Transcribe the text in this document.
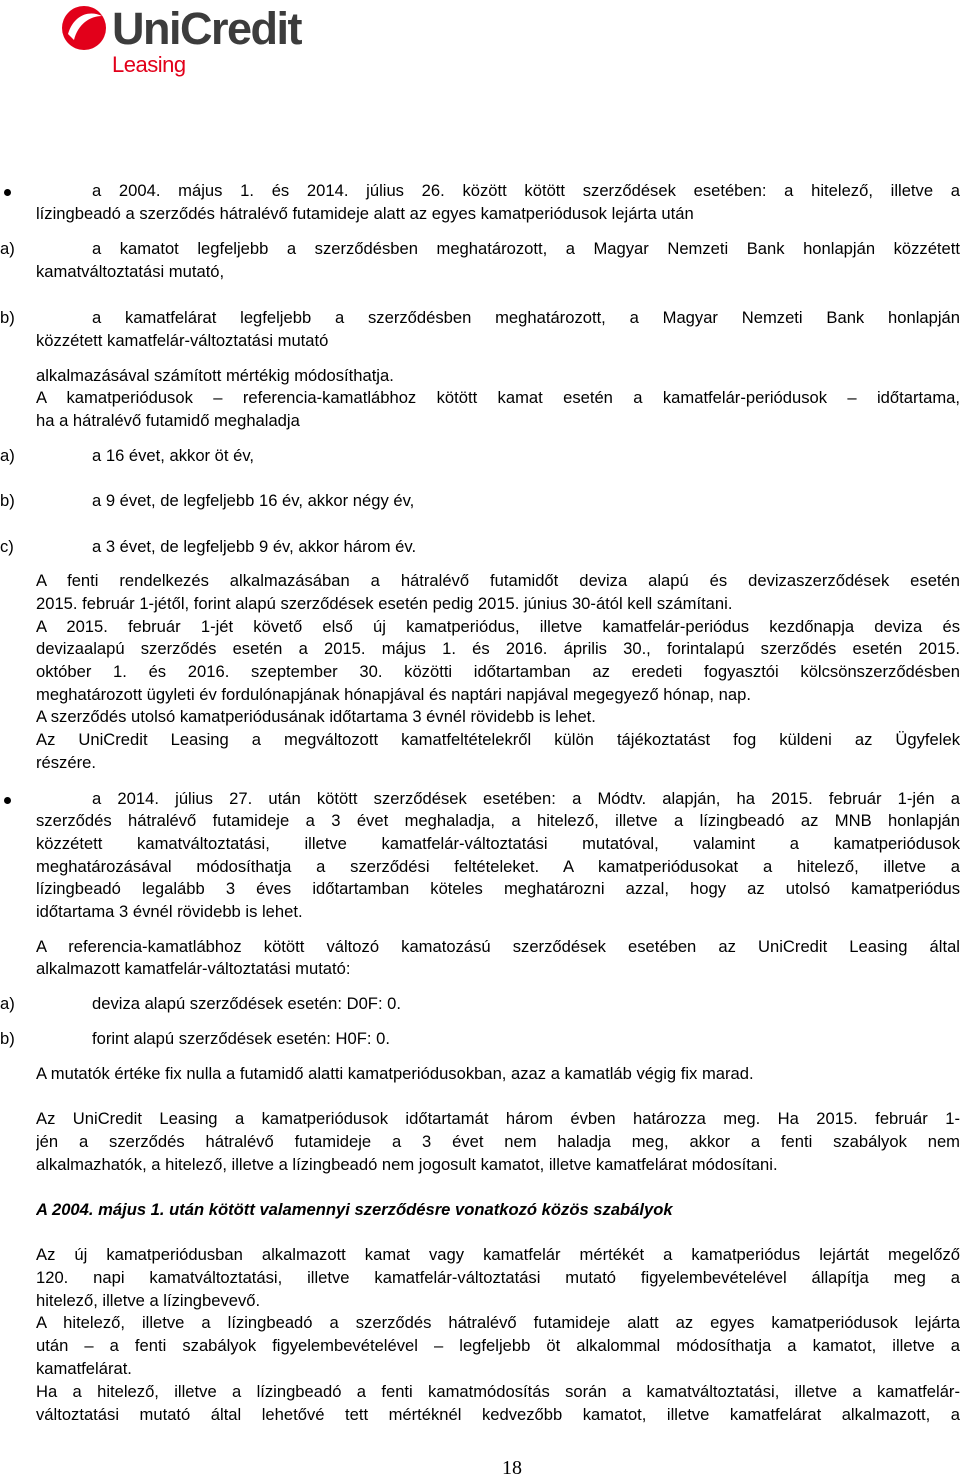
UniCredit
Leasing
a 2004. május 1. és 2014. július 26. között kötött szerződések esetében: a hitelező, illetve a
lízingbeadó a szerződés hátralévő futamideje alatt az egyes kamatperiódusok lejárta után
a)	a kamatot legfeljebb a szerződésben meghatározott, a Magyar Nemzeti Bank honlapján közzétett
kamatváltoztatási mutató,
b)	a kamatfelárat legfeljebb a szerződésben meghatározott, a Magyar Nemzeti Bank honlapján
közzétett kamatfelár-változtatási mutató
alkalmazásával számított mértékig módosíthatja.
A kamatperiódusok – referencia-kamatlábhoz kötött kamat esetén a kamatfelár-periódusok – időtartama,
ha a hátralévő futamidő meghaladja
a)	a 16 évet, akkor öt év,
b)	a 9 évet, de legfeljebb 16 év, akkor négy év,
c)	a 3 évet, de legfeljebb 9 év, akkor három év.
A fenti rendelkezés alkalmazásában a hátralévő futamidőt deviza alapú és devizaszerződések esetén
2015. február 1-jétől, forint alapú szerződések esetén pedig 2015. június 30-ától kell számítani.
A 2015. február 1-jét követő első új kamatperiódus, illetve kamatfelár-periódus kezdőnapja deviza és
devizaalapú szerződés esetén a 2015. május 1. és 2016. április 30., forintalapú szerződés esetén 2015.
október 1. és 2016. szeptember 30. közötti időtartamban az eredeti fogyasztói kölcsönszerződésben
meghatározott ügyleti év fordulónapjának hónapjával és naptári napjával megegyező hónap, nap.
A szerződés utolsó kamatperiódusának időtartama 3 évnél rövidebb is lehet.
Az UniCredit Leasing a megváltozott kamatfeltételekről külön tájékoztatást fog küldeni az Ügyfelek
részére.
a 2014. július 27. után kötött szerződések esetében: a Módtv. alapján, ha 2015. február 1-jén a
szerződés hátralévő futamideje a 3 évet meghaladja, a hitelező, illetve a lízingbeadó az MNB honlapján
közzétett kamatváltoztatási, illetve kamatfelár-változtatási mutatóval, valamint a kamatperiódusok
meghatározásával módosíthatja a szerződési feltételeket. A kamatperiódusokat a hitelező, illetve a
lízingbeadó legalább 3 éves időtartamban köteles meghatározni azzal, hogy az utolsó kamatperiódus
időtartama 3 évnél rövidebb is lehet.
A referencia-kamatlábhoz kötött változó kamatozású szerződések esetében az UniCredit Leasing által
alkalmazott kamatfelár-változtatási mutató:
a)	deviza alapú szerződések esetén: D0F: 0.
b)	forint alapú szerződések esetén: H0F: 0.
A mutatók értéke fix nulla a futamidő alatti kamatperiódusokban, azaz a kamatláb végig fix marad.
Az UniCredit Leasing a kamatperiódusok időtartamát három évben határozza meg. Ha 2015. február 1-
jén a szerződés hátralévő futamideje a 3 évet nem haladja meg, akkor a fenti szabályok nem
alkalmazhatók, a hitelező, illetve a lízingbeadó nem jogosult kamatot, illetve kamatfelárat módosítani.
A 2004. május 1. után kötött valamennyi szerződésre vonatkozó közös szabályok
Az új kamatperiódusban alkalmazott kamat vagy kamatfelár mértékét a kamatperiódus lejártát megelőző
120. napi kamatváltoztatási, illetve kamatfelár-változtatási mutató figyelembevételével állapítja meg a
hitelező, illetve a lízingbevevő.
A hitelező, illetve a lízingbeadó a szerződés hátralévő futamideje alatt az egyes kamatperiódusok lejárta
után – a fenti szabályok figyelembevételével – legfeljebb öt alkalommal módosíthatja a kamatot, illetve a
kamatfelárat.
Ha a hitelező, illetve a lízingbeadó a fenti kamatmódosítás során a kamatváltoztatási, illetve a kamatfelár-
változtatási mutató által lehetővé tett mértéknél kedvezőbb kamatot, illetve kamatfelárat alkalmazott, a
18
